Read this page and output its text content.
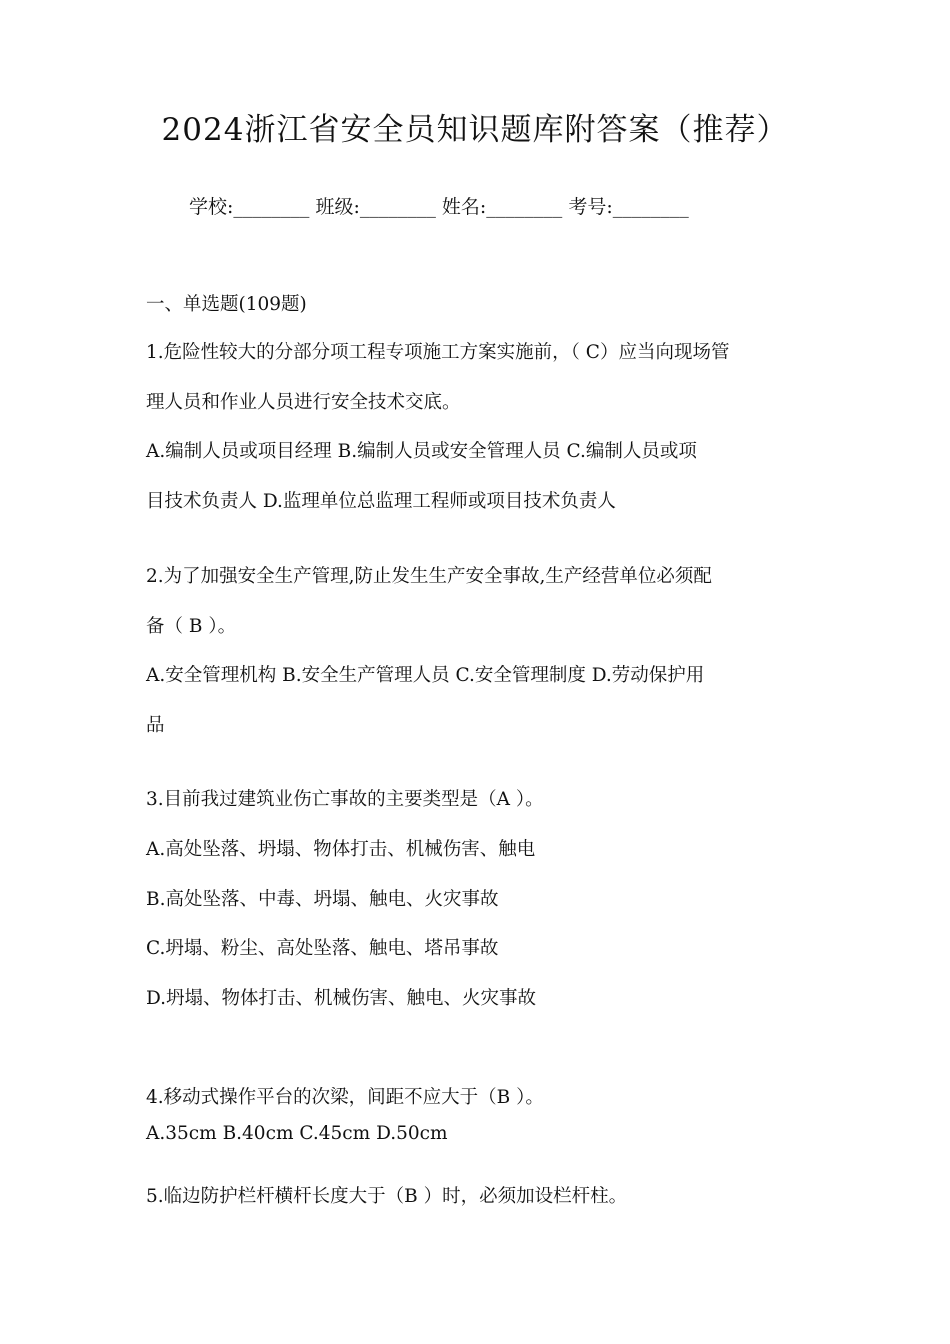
2024浙江省安全员知识题库附答案（推荐）
学校:________ 班级:________ 姓名:________ 考号:________
一、单选题(109题)
1.危险性较大的分部分项工程专项施工方案实施前，（ C）应当向现场管
理人员和作业人员进行安全技术交底。
A.编制人员或项目经理 B.编制人员或安全管理人员 C.编制人员或项
目技术负责人 D.监理单位总监理工程师或项目技术负责人
2.为了加强安全生产管理,防止发生生产安全事故,生产经营单位必须配
备（ B ）。
A.安全管理机构 B.安全生产管理人员 C.安全管理制度 D.劳动保护用
品
3.目前我过建筑业伤亡事故的主要类型是（A ）。
A.高处坠落、坍塌、物体打击、机械伤害、触电
B.高处坠落、中毒、坍塌、触电、火灾事故
C.坍塌、粉尘、高处坠落、触电、塔吊事故
D.坍塌、物体打击、机械伤害、触电、火灾事故
4.移动式操作平台的次梁，间距不应大于（B ）。
A.35cm B.40cm C.45cm D.50cm
5.临边防护栏杆横杆长度大于（B ）时，必须加设栏杆柱。
